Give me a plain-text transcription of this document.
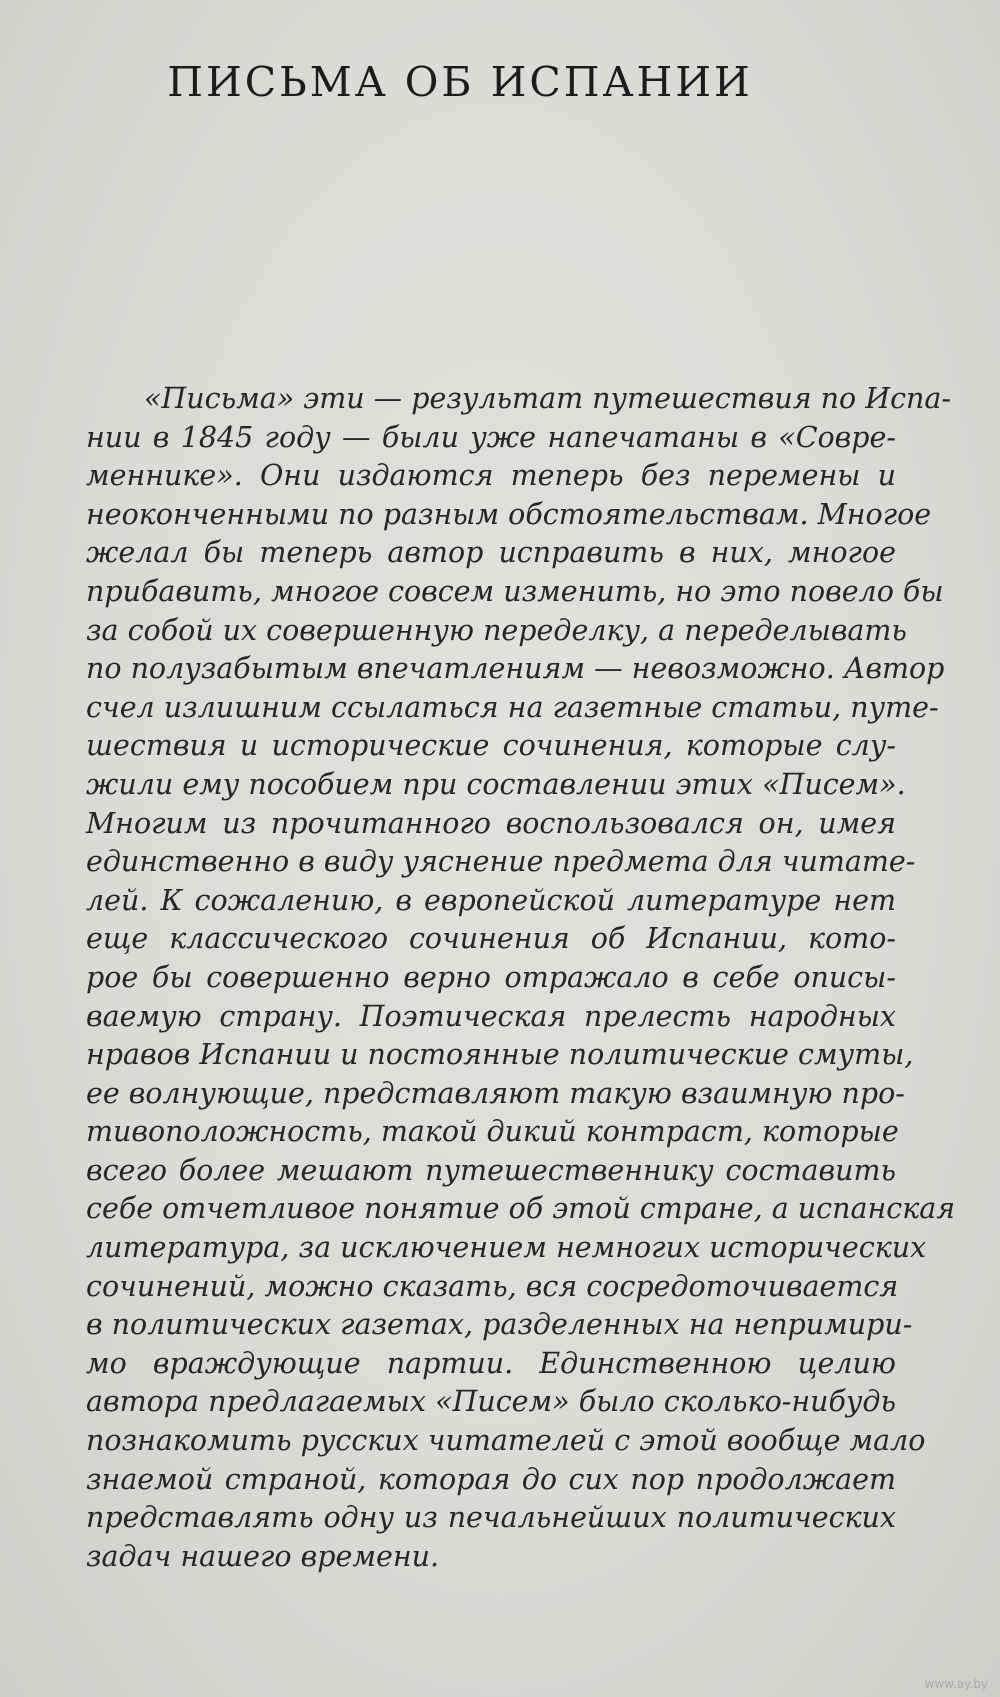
ПИСЬМА ОБ ИСПАНИИ
«Письма» эти — результат путешествия по Испа-
нии в 1845 году — были уже напечатаны в «Совре-
меннике». Они издаются теперь без перемены и
неоконченными по разным обстоятельствам. Многое
желал бы теперь автор исправить в них, многое
прибавить, многое совсем изменить, но это повело бы
за собой их совершенную переделку, а переделывать
по полузабытым впечатлениям — невозможно. Автор
счел излишним ссылаться на газетные статьи, путе-
шествия и исторические сочинения, которые слу-
жили ему пособием при составлении этих «Писем».
Многим из прочитанного воспользовался он, имея
единственно в виду уяснение предмета для читате-
лей. К сожалению, в европейской литературе нет
еще классического сочинения об Испании, кото-
рое бы совершенно верно отражало в себе описы-
ваемую страну. Поэтическая прелесть народных
нравов Испании и постоянные политические смуты,
ее волнующие, представляют такую взаимную про-
тивоположность, такой дикий контраст, которые
всего более мешают путешественнику составить
себе отчетливое понятие об этой стране, а испанская
литература, за исключением немногих исторических
сочинений, можно сказать, вся сосредоточивается
в политических газетах, разделенных на непримири-
мо враждующие партии. Единственною целию
автора предлагаемых «Писем» было сколько-нибудь
познакомить русских читателей с этой вообще мало
знаемой страной, которая до сих пор продолжает
представлять одну из печальнейших политических
задач нашего времени.
www.ay.by
